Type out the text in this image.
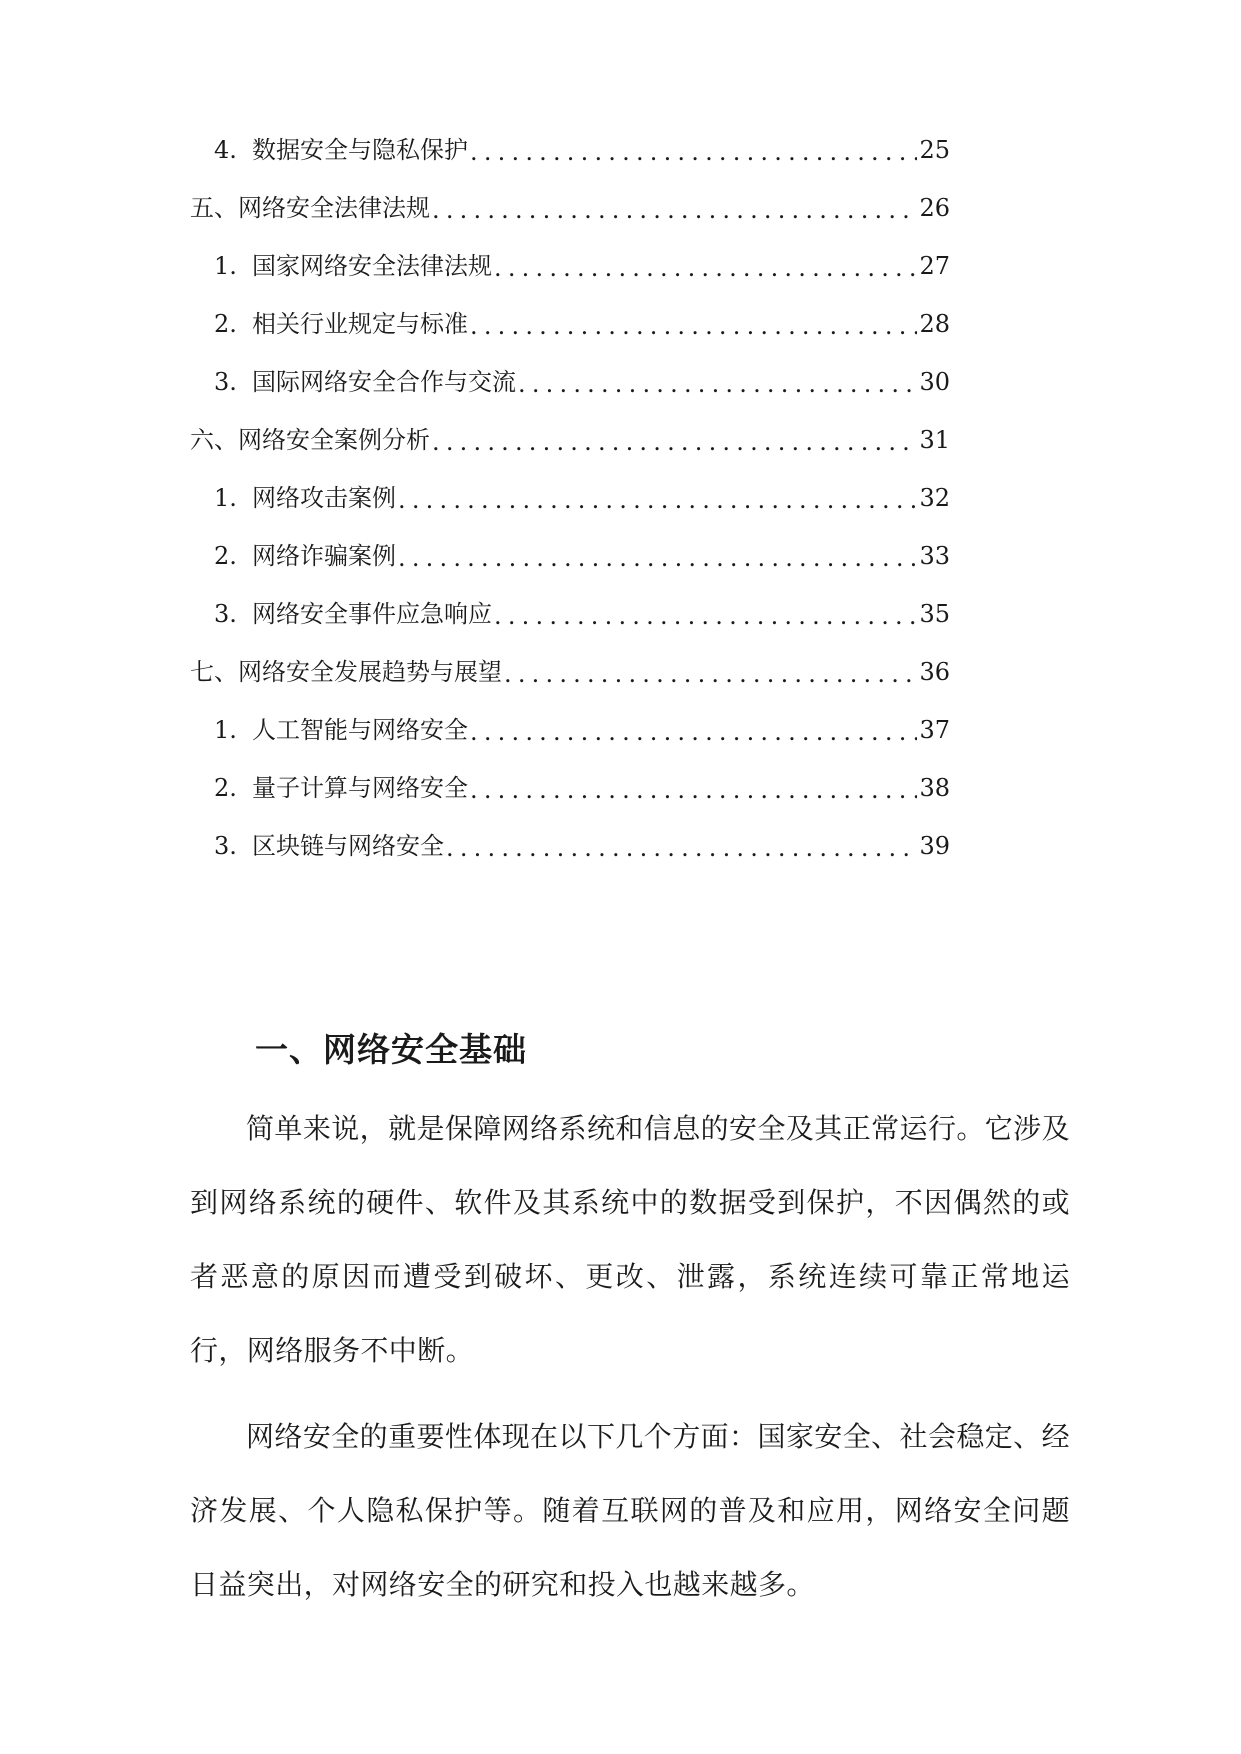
4. 数据安全与隐私保护 .....	25
五、网络安全法律法规 .....	26
1. 国家网络安全法律法规 .....	27
2. 相关行业规定与标准 .....	28
3. 国际网络安全合作与交流 .....	30
六、网络安全案例分析 .....	31
1. 网络攻击案例 .....	32
2. 网络诈骗案例 .....	33
3. 网络安全事件应急响应 .....	35
七、网络安全发展趋势与展望 .....	36
1. 人工智能与网络安全 .....	37
2. 量子计算与网络安全 .....	38
3. 区块链与网络安全 .....	39
一、网络安全基础

简单来说，就是保障网络系统和信息的安全及其正常运行。它涉及到网络系统的硬件、软件及其系统中的数据受到保护，不因偶然的或者恶意的原因而遭受到破坏、更改、泄露，系统连续可靠正常地运行，网络服务不中断。

网络安全的重要性体现在以下几个方面：国家安全、社会稳定、经济发展、个人隐私保护等。随着互联网的普及和应用，网络安全问题日益突出，对网络安全的研究和投入也越来越多。
